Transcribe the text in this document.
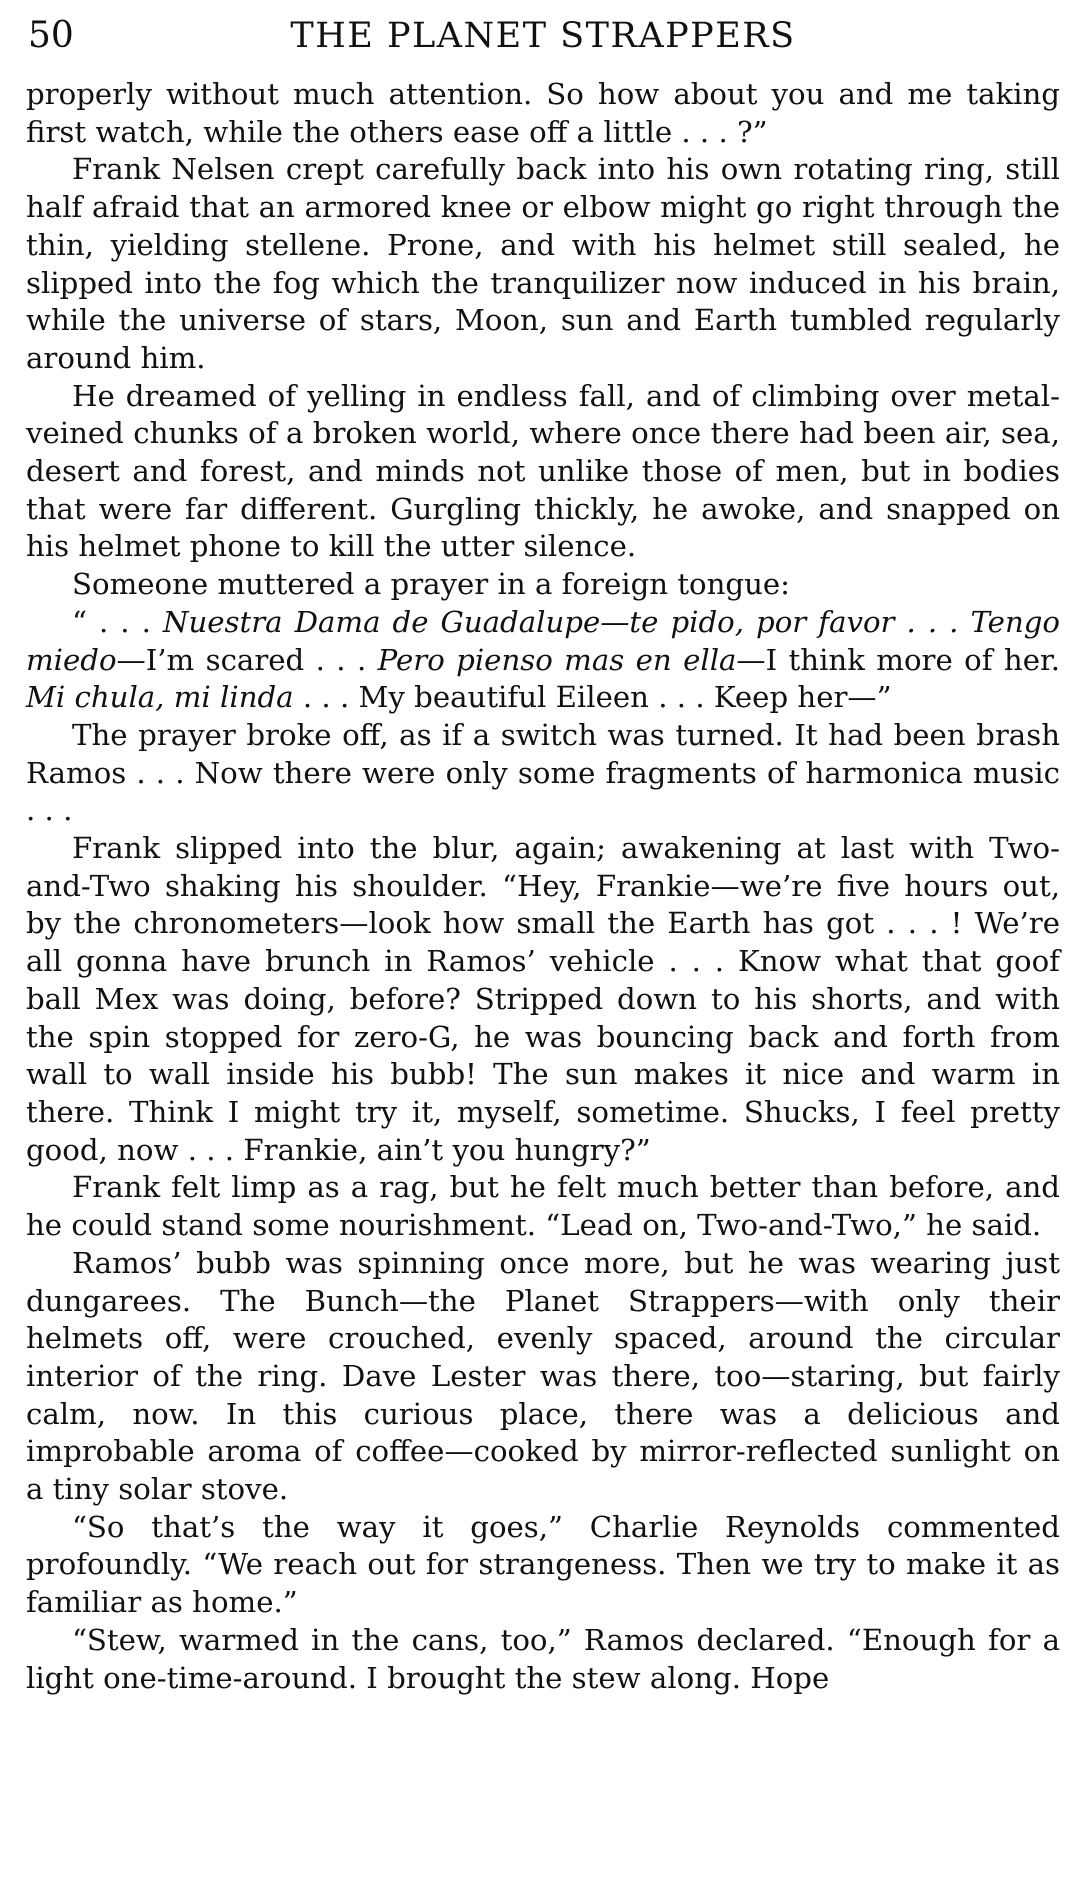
50	THE PLANET STRAPPERS

properly without much attention. So how about you and me taking first watch, while the others ease off a little . . . ?”

Frank Nelsen crept carefully back into his own rotating ring, still half afraid that an armored knee or elbow might go right through the thin, yielding stellene. Prone, and with his helmet still sealed, he slipped into the fog which the tranquilizer now induced in his brain, while the universe of stars, Moon, sun and Earth tumbled regularly around him.

He dreamed of yelling in endless fall, and of climbing over metal-veined chunks of a broken world, where once there had been air, sea, desert and forest, and minds not unlike those of men, but in bodies that were far different. Gurgling thickly, he awoke, and snapped on his helmet phone to kill the utter silence.

Someone muttered a prayer in a foreign tongue:

“ . . . Nuestra Dama de Guadalupe—te pido, por favor . . . Tengo miedo—I’m scared . . . Pero pienso mas en ella—I think more of her. Mi chula, mi linda . . . My beautiful Eileen . . . Keep her—”

The prayer broke off, as if a switch was turned. It had been brash Ramos . . . Now there were only some fragments of harmonica music . . .

Frank slipped into the blur, again; awakening at last with Two-and-Two shaking his shoulder. “Hey, Frankie—we’re five hours out, by the chronometers—look how small the Earth has got . . . ! We’re all gonna have brunch in Ramos’ vehicle . . . Know what that goof ball Mex was doing, before? Stripped down to his shorts, and with the spin stopped for zero-G, he was bouncing back and forth from wall to wall inside his bubb! The sun makes it nice and warm in there. Think I might try it, myself, sometime. Shucks, I feel pretty good, now . . . Frankie, ain’t you hungry?”

Frank felt limp as a rag, but he felt much better than before, and he could stand some nourishment. “Lead on, Two-and-Two,” he said.

Ramos’ bubb was spinning once more, but he was wearing just dungarees. The Bunch—the Planet Strappers—with only their helmets off, were crouched, evenly spaced, around the circular interior of the ring. Dave Lester was there, too—staring, but fairly calm, now. In this curious place, there was a delicious and improbable aroma of coffee—cooked by mirror-reflected sunlight on a tiny solar stove.

“So that’s the way it goes,” Charlie Reynolds commented profoundly. “We reach out for strangeness. Then we try to make it as familiar as home.”

“Stew, warmed in the cans, too,” Ramos declared. “Enough for a light one-time-around. I brought the stew along. Hope
